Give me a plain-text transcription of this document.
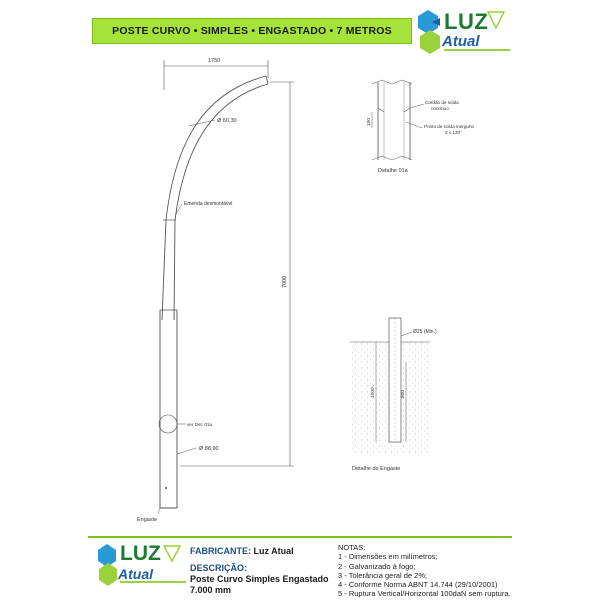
POSTE CURVO • SIMPLES • ENGASTADO • 7 METROS	LUZ
Atual
1750
7000
Ø 60,30
Emenda desmontável
ver Det. 01a
Ø 88,90
Engaste
100
Cordão de solda contínuo
Ponto de solda merguho 3 x 120°
Detalhe 01a
1000	800
Ø25 (Min.)
Detalhe do Engaste
LUZ
Atual
FABRICANTE: Luz Atual
DESCRIÇÃO:
Poste Curvo Simples Engastado
7.000 mm
NOTAS:
1 - Dimensões em milímetros;
2 - Galvanizado à fogo;
3 - Tolerância geral de 2%;
4 - Conforme Norma ABNT 14.744 (29/10/2001)
5 - Ruptura Vertical/Horizontal 100daN sem ruptura.
